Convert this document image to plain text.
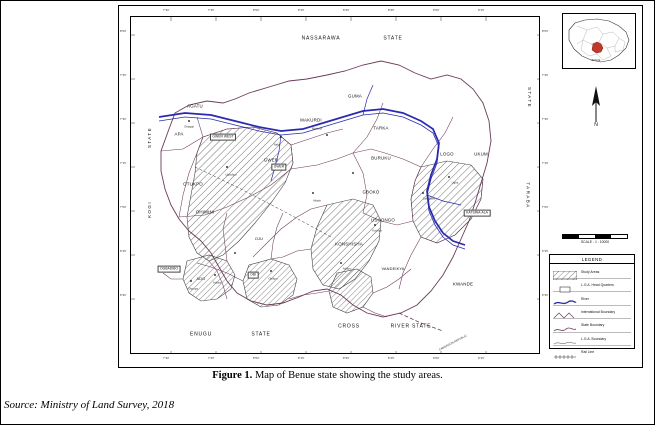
NASSARAWA	STATE
STATE
TARABA
STATE
KOGI
ENUGU	STATE
CROSS	RIVER STATE
CAMEROON REPUBLIC
AGATU
APA
OTUKPO
OHIMINI
ADO
OJU
GWER
MAKURDI
GUMA
TARKA
BURUKU
GBOKO
KONSHISHA
USHONGO
VANDEIKYA
KWANDE
UKUM
LOGO
GWER WEST
GWER
OBI
OGBADIBO
KATSINA-ALA
Obagaji
Ugbokpo
Makurdi
Naka
Aliade
Korinya
Adikpo
Zaki Biam
Ugba
Adoka
Okpoga
Otukpo
8°00'
7°45'
7°30'
7°15'
7°00'
6°45'
6°30'
8°00'
7°45'
7°30'
7°15'
7°00'
6°45'
6°30'
7°30'	7°45'	8°00'	8°15'	8°30'	8°45'	9°00'	9°15'
7°30'	7°45'	8°00'	8°15'	8°30'	8°45'	9°00'	9°15'
BENUE
N
SCALE - 1 : 10000
LEGEND
Study Areas
L.G.A. Head Quarters
River
International Boundary
State Boundary
L.G.A. Boundary
Rail Line
Figure 1. Map of Benue state showing the study areas.
Source: Ministry of Land Survey, 2018
